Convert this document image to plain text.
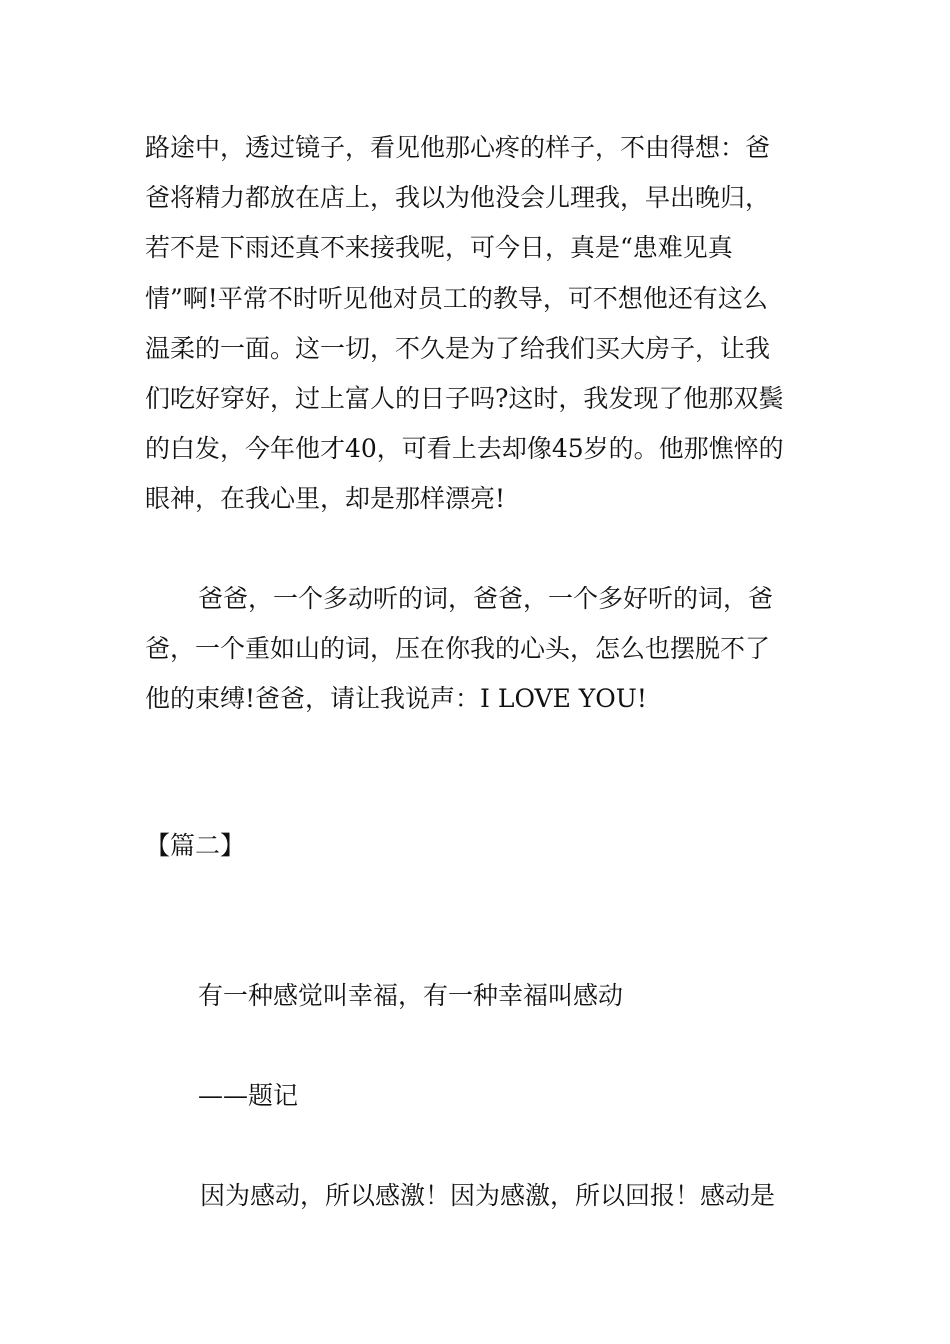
路途中，透过镜子，看见他那心疼的样子，不由得想：爸
爸将精力都放在店上，我以为他没会儿理我，早出晚归，
若不是下雨还真不来接我呢，可今日，真是“患难见真
情”啊!平常不时听见他对员工的教导，可不想他还有这么
温柔的一面。这一切，不久是为了给我们买大房子，让我
们吃好穿好，过上富人的日子吗?这时，我发现了他那双鬓
的白发，今年他才40，可看上去却像45岁的。他那憔悴的
眼神，在我心里，却是那样漂亮!
爸爸，一个多动听的词，爸爸，一个多好听的词，爸
爸，一个重如山的词，压在你我的心头，怎么也摆脱不了
他的束缚!爸爸，请让我说声：I LOVE YOU!
【篇二】
有一种感觉叫幸福，有一种幸福叫感动
——题记
因为感动，所以感激！因为感激，所以回报！感动是
